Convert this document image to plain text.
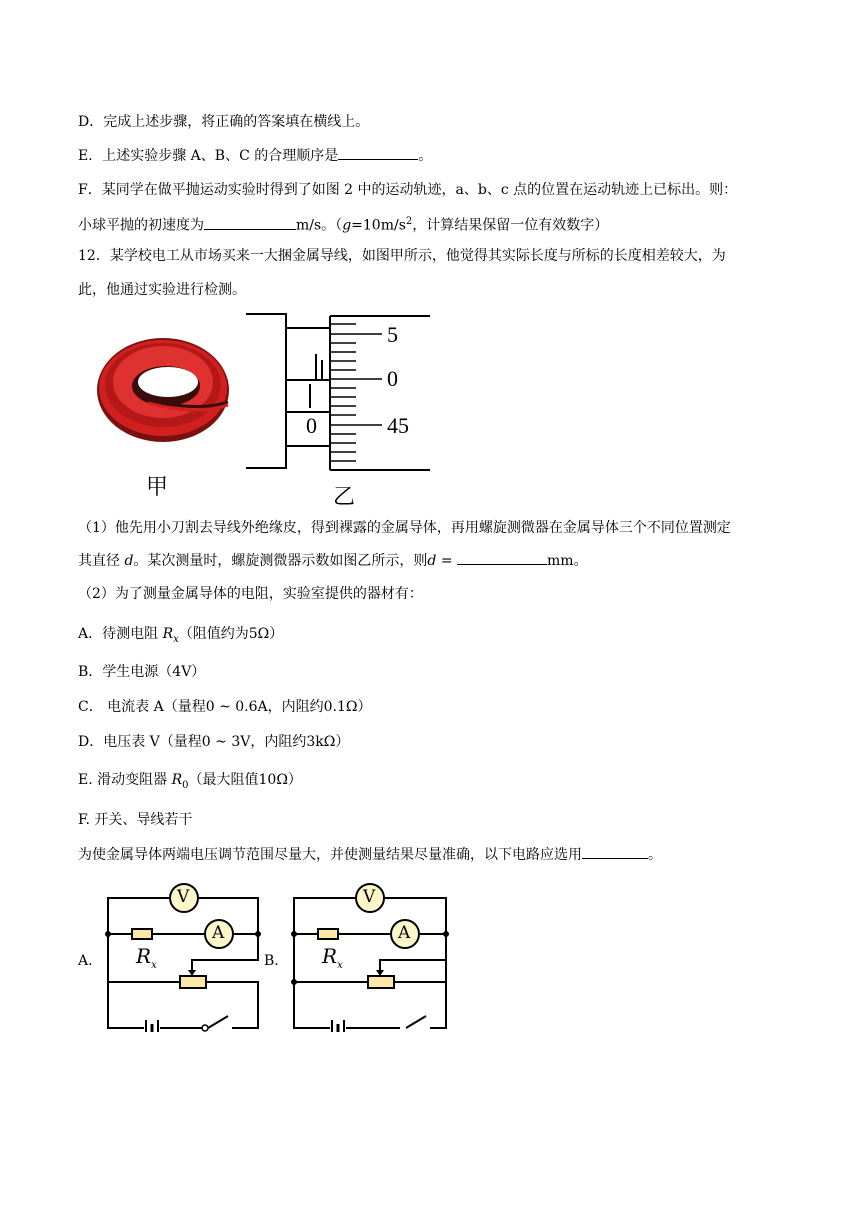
D．完成上述步骤，将正确的答案填在横线上。
E．上述实验步骤 A、B、C 的合理顺序是	。
F．某同学在做平抛运动实验时得到了如图 2 中的运动轨迹，a、b、c 点的位置在运动轨迹上已标出。则：
小球平抛的初速度为	m/s。（$g=10m/s^2$，计算结果保留一位有效数字）
12．某学校电工从市场买来一大捆金属导线，如图甲所示，他觉得其实际长度与所标的长度相差较大，为
此，他通过实验进行检测。
甲
5
0
45
0
乙
（1）他先用小刀割去导线外绝缘皮，得到裸露的金属导体，再用螺旋测微器在金属导体三个不同位置测定
其直径 d。某次测量时，螺旋测微器示数如图乙所示，则d =	mm。
（2）为了测量金属导体的电阻，实验室提供的器材有：
A．待测电阻 $R_x$（阻值约为5Ω）
B．学生电源（4V）
C． 电流表 A（量程0 ~ 0.6A，内阻约0.1Ω）
D．电压表 V（量程0 ~ 3V，内阻约3kΩ）
E. 滑动变阻器 $R_0$（最大阻值10Ω）
F. 开关、导线若干
为使金属导体两端电压调节范围尽量大，并使测量结果尽量准确，以下电路应选用	。
A.
V
A
$R_x$	B.
V
A
$R_x$
